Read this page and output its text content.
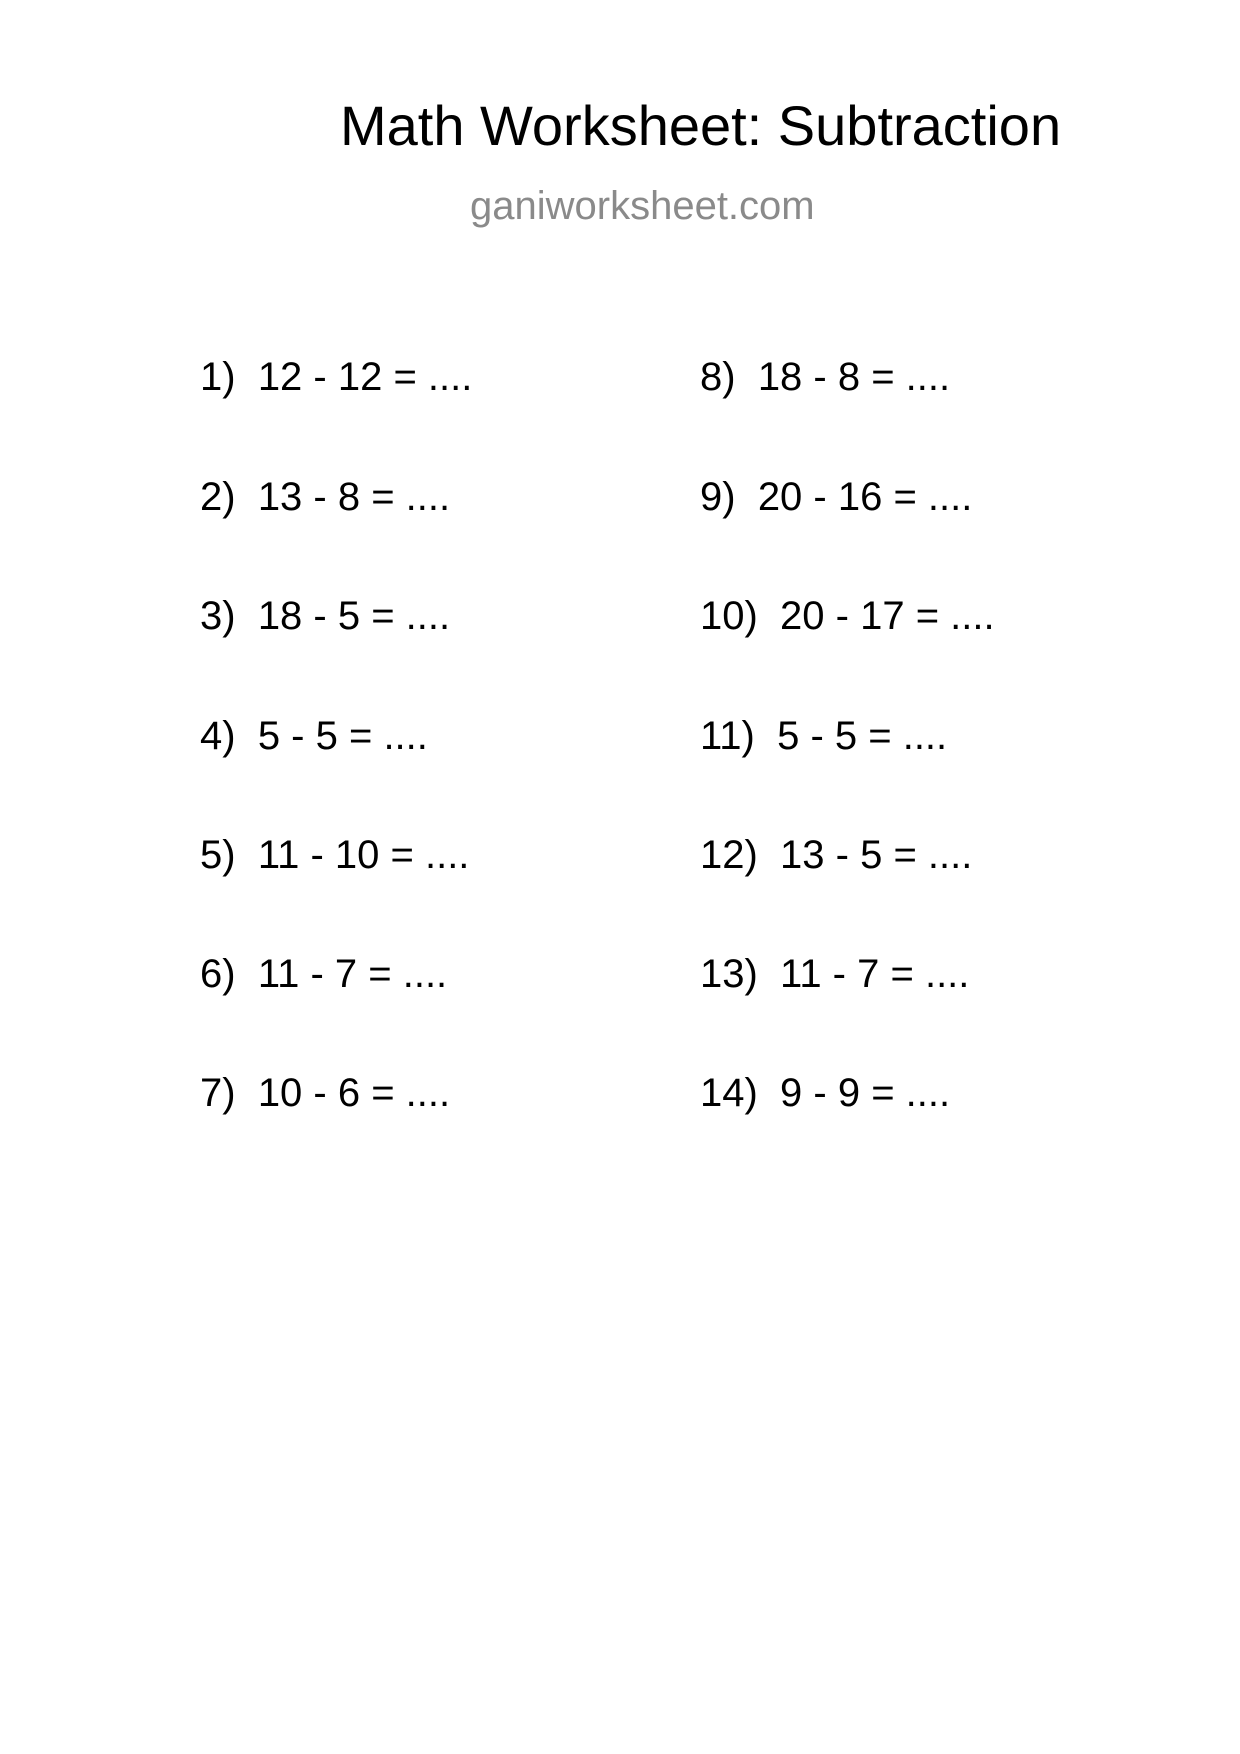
Math Worksheet: Subtraction
ganiworksheet.com
1) 12 - 12 = ....
2) 13 - 8 = ....
3) 18 - 5 = ....
4) 5 - 5 = ....
5) 11 - 10 = ....
6) 11 - 7 = ....
7) 10 - 6 = ....
8) 18 - 8 = ....
9) 20 - 16 = ....
10) 20 - 17 = ....
11) 5 - 5 = ....
12) 13 - 5 = ....
13) 11 - 7 = ....
14) 9 - 9 = ....
